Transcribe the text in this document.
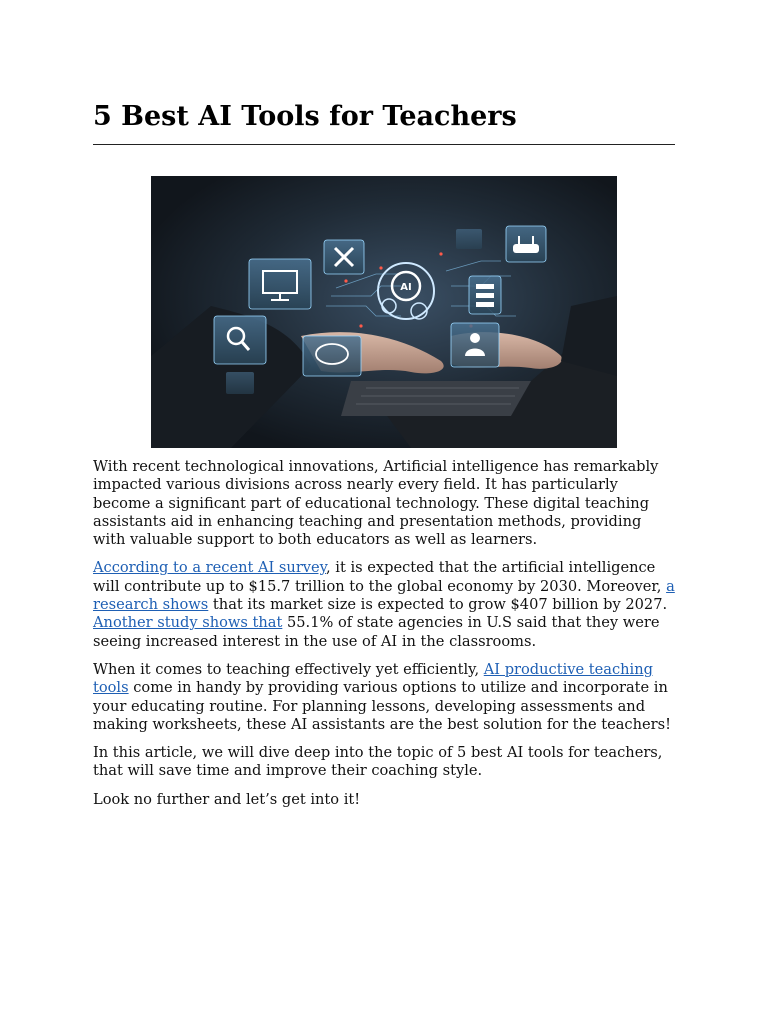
5 Best AI Tools for Teachers
AI

With recent technological innovations, Artificial intelligence has remarkably impacted various divisions across nearly every field. It has particularly become a significant part of educational technology. These digital teaching assistants aid in enhancing teaching and presentation methods, providing with valuable support to both educators as well as learners.

According to a recent AI survey, it is expected that the artificial intelligence will contribute up to $15.7 trillion to the global economy by 2030. Moreover, a research shows that its market size is expected to grow $407 billion by 2027. Another study shows that 55.1% of state agencies in U.S said that they were seeing increased interest in the use of AI in the classrooms.

When it comes to teaching effectively yet efficiently, AI productive teaching tools come in handy by providing various options to utilize and incorporate in your educating routine. For planning lessons, developing assessments and making worksheets, these AI assistants are the best solution for the teachers!

In this article, we will dive deep into the topic of 5 best AI tools for teachers, that will save time and improve their coaching style.

Look no further and let’s get into it!
